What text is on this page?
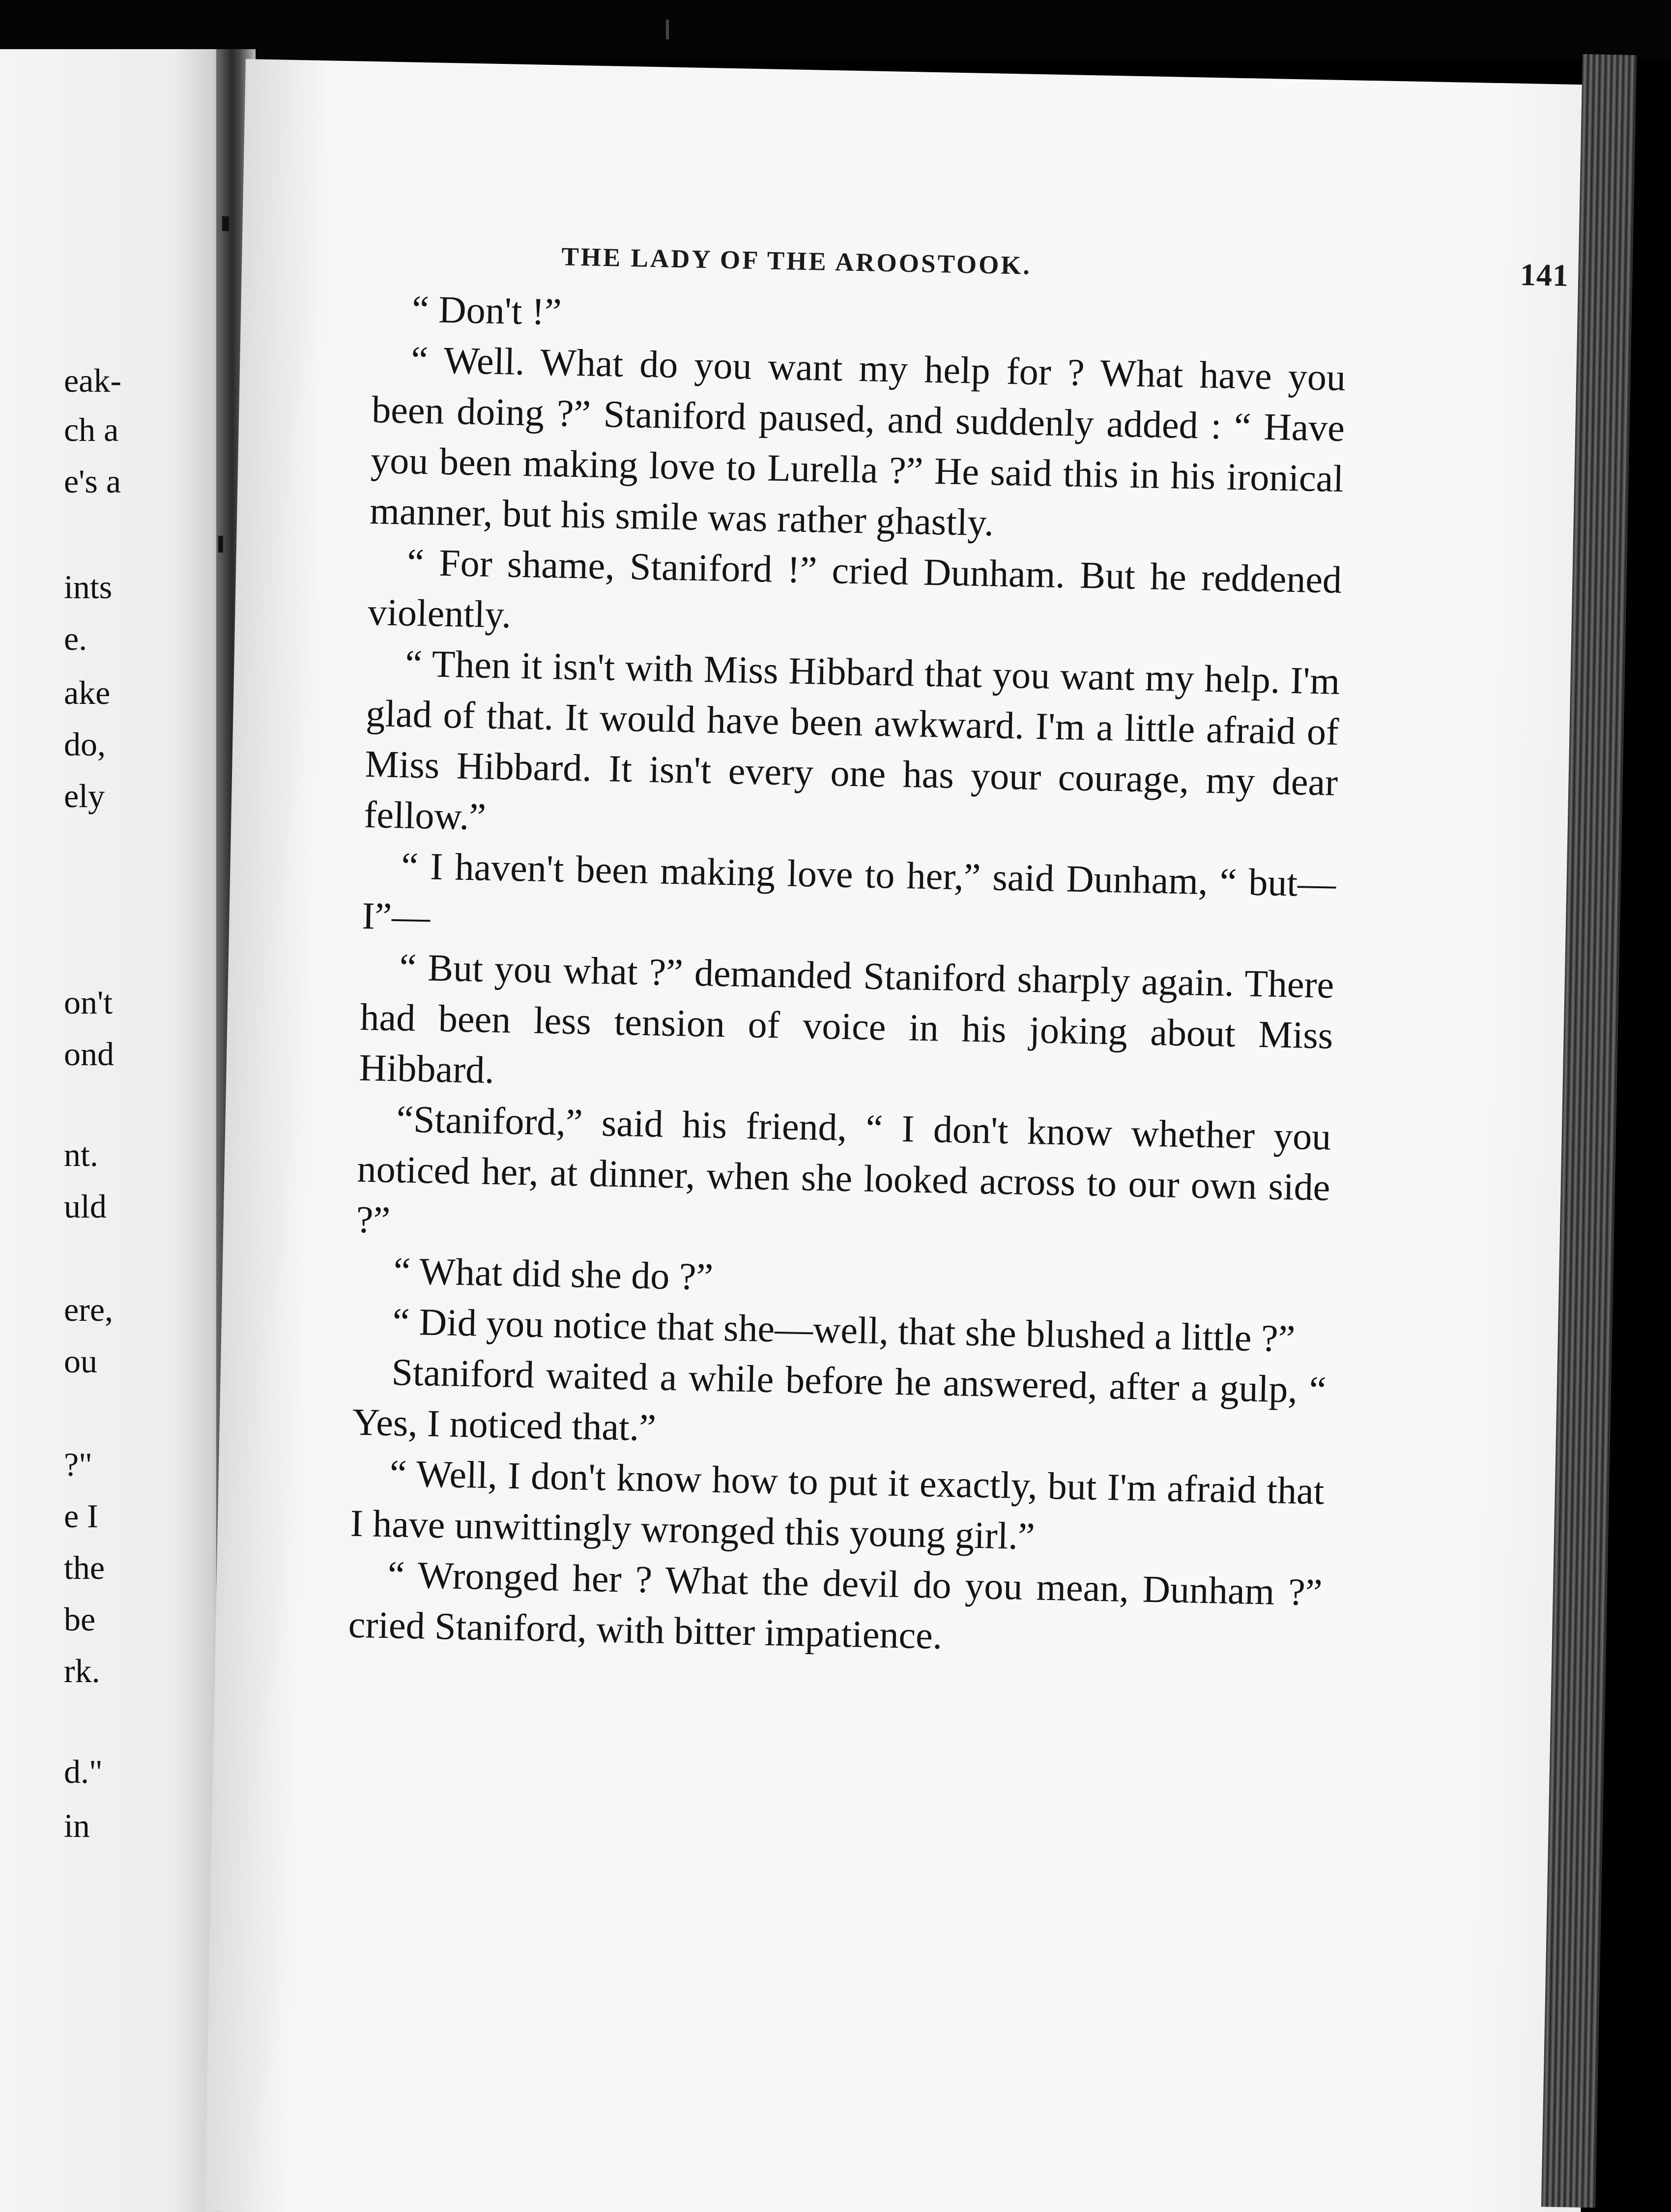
eak-
ch a
e's a
ints
e.
ake
do,
ely
on't
ond
nt.
uld
ere,
ou
?"
e I
the
be
rk.
d."
in
THE LADY OF THE AROOSTOOK.	141

“ Don't !”

“ Well. What do you want my help for ? What have you been doing ?” Staniford paused, and suddenly added : “ Have you been making love to Lurella ?” He said this in his ironical manner, but his smile was rather ghastly.

“ For shame, Staniford !” cried Dunham. But he reddened violently.

“ Then it isn't with Miss Hibbard that you want my help. I'm glad of that. It would have been awkward. I'm a little afraid of Miss Hibbard. It isn't every one has your courage, my dear fellow.”

“ I haven't been making love to her,” said Dunham, “ but—I”—

“ But you what ?” demanded Staniford sharply again. There had been less tension of voice in his joking about Miss Hibbard.

“Staniford,” said his friend, “ I don't know whether you noticed her, at dinner, when she looked across to our own side ?”

“ What did she do ?”

“ Did you notice that she—well, that she blushed a little ?”

Staniford waited a while before he answered, after a gulp, “ Yes, I noticed that.”

“ Well, I don't know how to put it exactly, but I'm afraid that I have unwittingly wronged this young girl.”

“ Wronged her ? What the devil do you mean, Dunham ?” cried Staniford, with bitter impatience.
